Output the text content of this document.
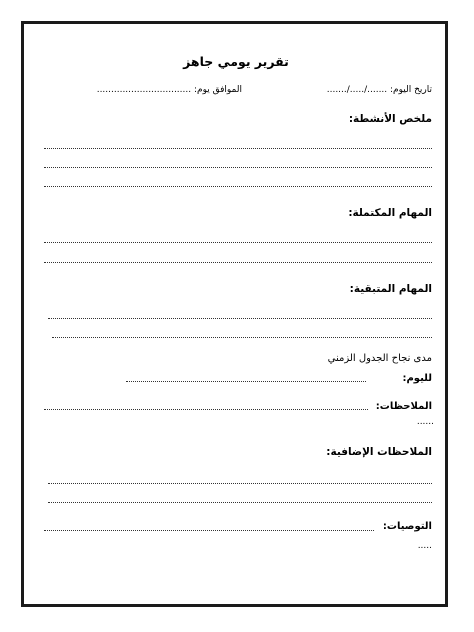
تقرير يومي جاهز
تاريخ اليوم: ......./...../.......
الموافق يوم: .................................
ملخص الأنشطة:
المهام المكتملة:
المهام المتبقية:
مدى نجاح الجدول الزمني
لليوم:
الملاحظات:
......
الملاحظات الإضافية:
التوصيات:
.....
